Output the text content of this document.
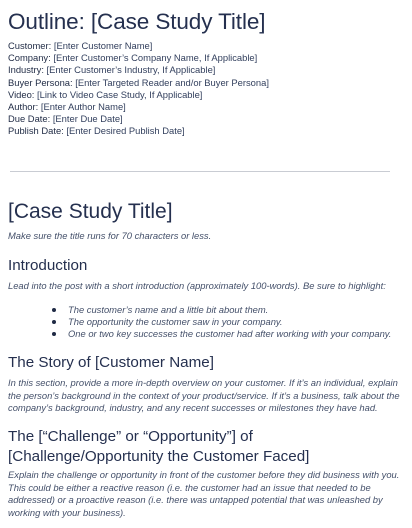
Outline: [Case Study Title]
Customer: [Enter Customer Name]
Company: [Enter Customer’s Company Name, If Applicable]
Industry: [Enter Customer’s Industry, If Applicable]
Buyer Persona: [Enter Targeted Reader and/or Buyer Persona]
Video: [Link to Video Case Study, If Applicable]
Author: [Enter Author Name]
Due Date: [Enter Due Date]
Publish Date: [Enter Desired Publish Date]
[Case Study Title]
Make sure the title runs for 70 characters or less.
Introduction
Lead into the post with a short introduction (approximately 100-words). Be sure to highlight:
The customer’s name and a little bit about them.
The opportunity the customer saw in your company.
One or two key successes the customer had after working with your company.
The Story of [Customer Name]
In this section, provide a more in-depth overview on your customer. If it’s an individual, explain the person’s background in the context of your product/service. If it’s a business, talk about the company’s background, industry, and any recent successes or milestones they have had.
The [“Challenge” or “Opportunity”] of [Challenge/Opportunity the Customer Faced]
Explain the challenge or opportunity in front of the customer before they did business with you. This could be either a reactive reason (i.e. the customer had an issue that needed to be addressed) or a proactive reason (i.e. there was untapped potential that was unleashed by working with your business).
